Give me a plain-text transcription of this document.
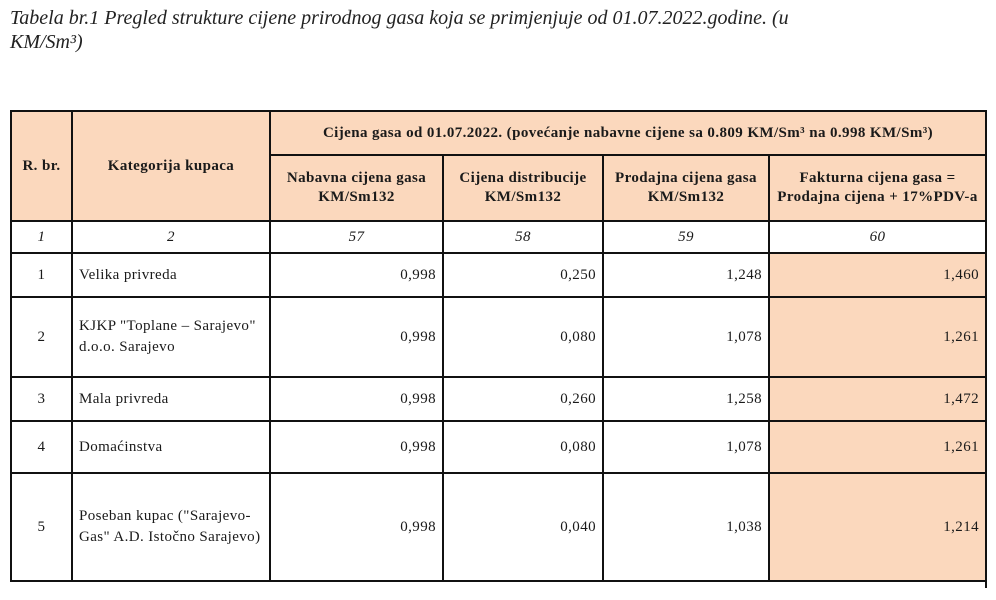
Tabela br.1 Pregled strukture cijene prirodnog gasa koja se primjenjuje od 01.07.2022.godine. (u
KM/Sm³)
R. br.	Kategorija kupaca	Cijena gasa od 01.07.2022. (povećanje nabavne cijene sa 0.809 KM/Sm³ na 0.998 KM/Sm³)			
		Nabavna cijena gasa KM/Sm132	Cijena distribucije KM/Sm132	Prodajna cijena gasa KM/Sm132	Fakturna cijena gasa = Prodajna cijena + 17%PDV-a
1	2	57	58	59	60
1	Velika privreda	0,998	0,250	1,248	1,460
2	KJKP "Toplane – Sarajevo" d.o.o. Sarajevo	0,998	0,080	1,078	1,261
3	Mala privreda	0,998	0,260	1,258	1,472
4	Domaćinstva	0,998	0,080	1,078	1,261
5	Poseban kupac ("Sarajevo-Gas" A.D. Istočno Sarajevo)	0,998	0,040	1,038	1,214
